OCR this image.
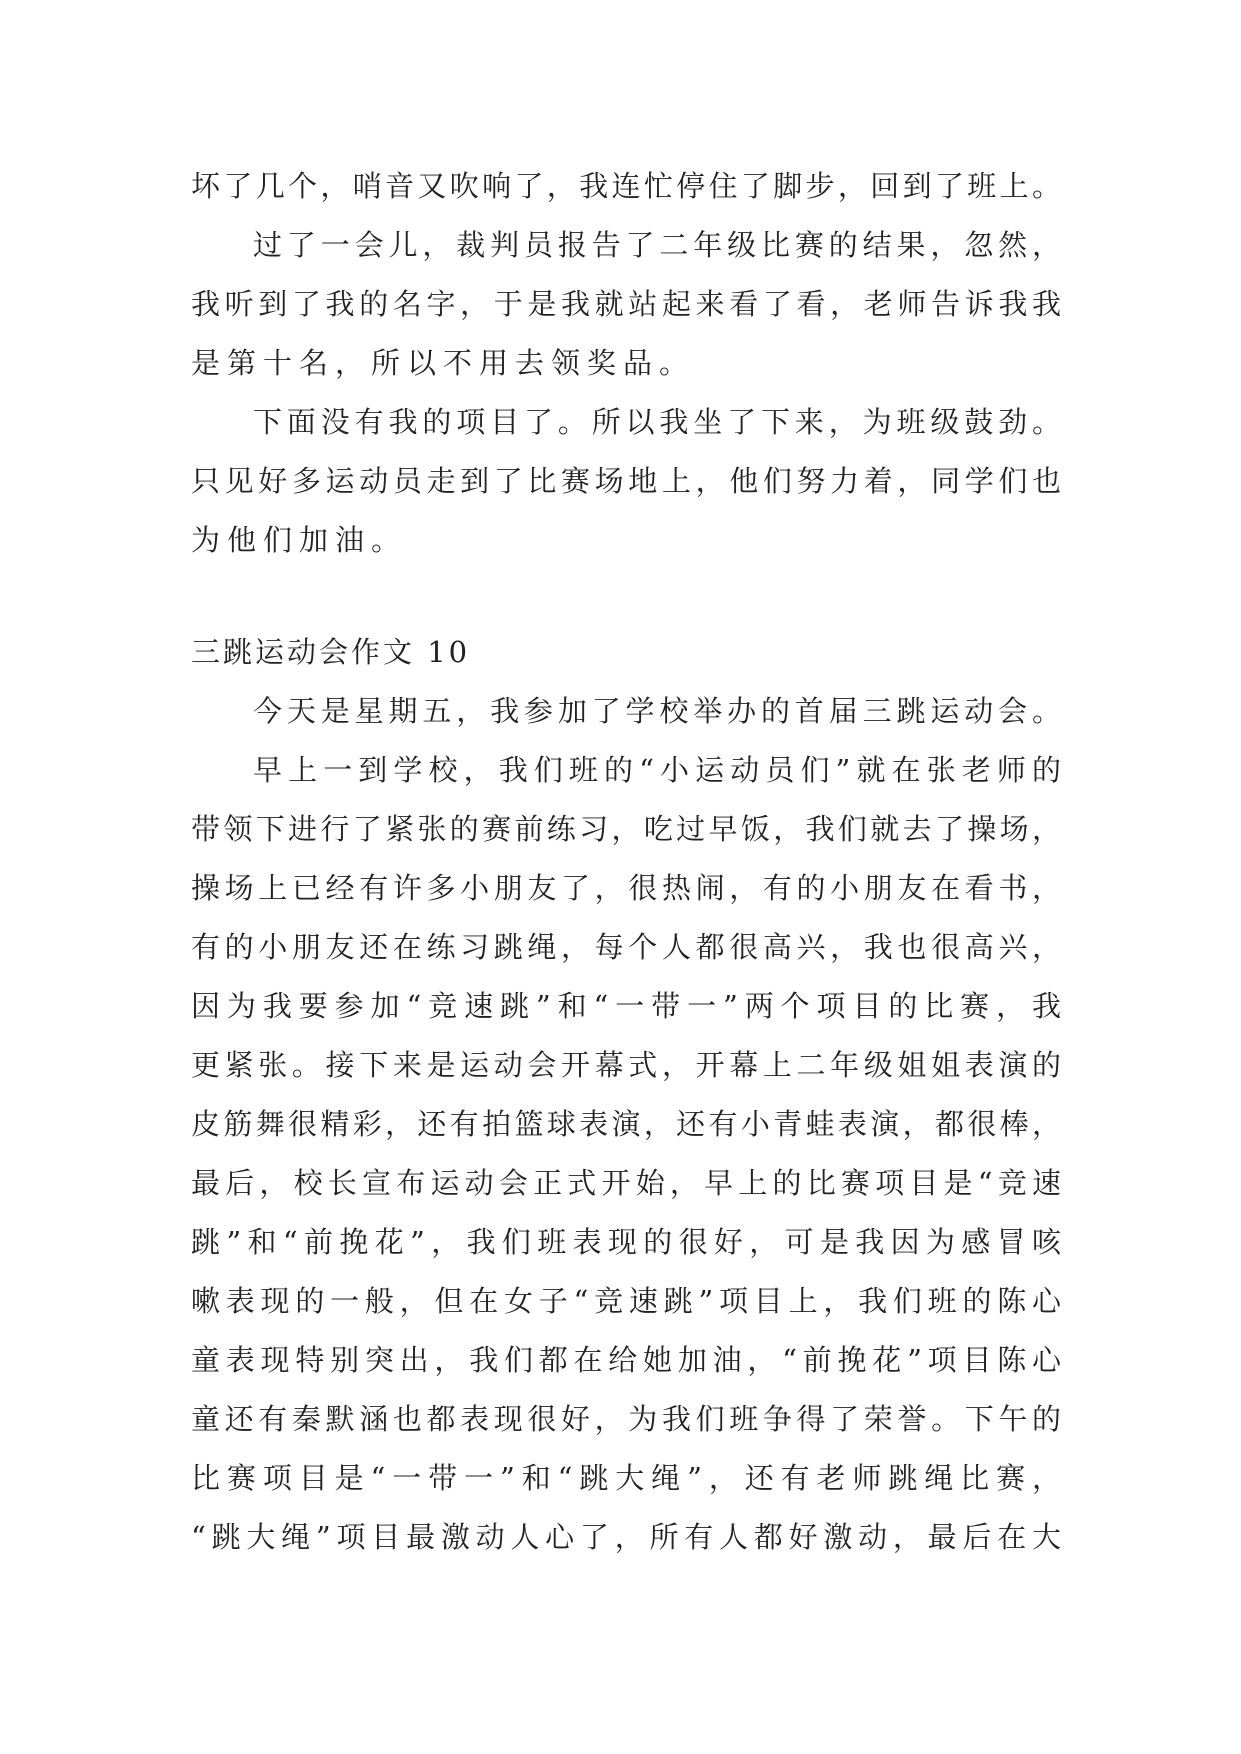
坏了几个，哨音又吹响了，我连忙停住了脚步，回到了班上。
过了一会儿，裁判员报告了二年级比赛的结果，忽然，
我听到了我的名字，于是我就站起来看了看，老师告诉我我
是第十名，所以不用去领奖品。
下面没有我的项目了。所以我坐了下来，为班级鼓劲。
只见好多运动员走到了比赛场地上，他们努力着，同学们也
为他们加油。
三跳运动会作文 10
今天是星期五，我参加了学校举办的首届三跳运动会。
早上一到学校，我们班的“小运动员们”就在张老师的
带领下进行了紧张的赛前练习，吃过早饭，我们就去了操场，
操场上已经有许多小朋友了，很热闹，有的小朋友在看书，
有的小朋友还在练习跳绳，每个人都很高兴，我也很高兴，
因为我要参加“竞速跳”和“一带一”两个项目的比赛，我
更紧张。接下来是运动会开幕式，开幕上二年级姐姐表演的
皮筋舞很精彩，还有拍篮球表演，还有小青蛙表演，都很棒，
最后，校长宣布运动会正式开始，早上的比赛项目是“竞速
跳”和“前挽花”，我们班表现的很好，可是我因为感冒咳
嗽表现的一般，但在女子“竞速跳”项目上，我们班的陈心
童表现特别突出，我们都在给她加油，“前挽花”项目陈心
童还有秦默涵也都表现很好，为我们班争得了荣誉。下午的
比赛项目是“一带一”和“跳大绳”，还有老师跳绳比赛，
“跳大绳”项目最激动人心了，所有人都好激动，最后在大
